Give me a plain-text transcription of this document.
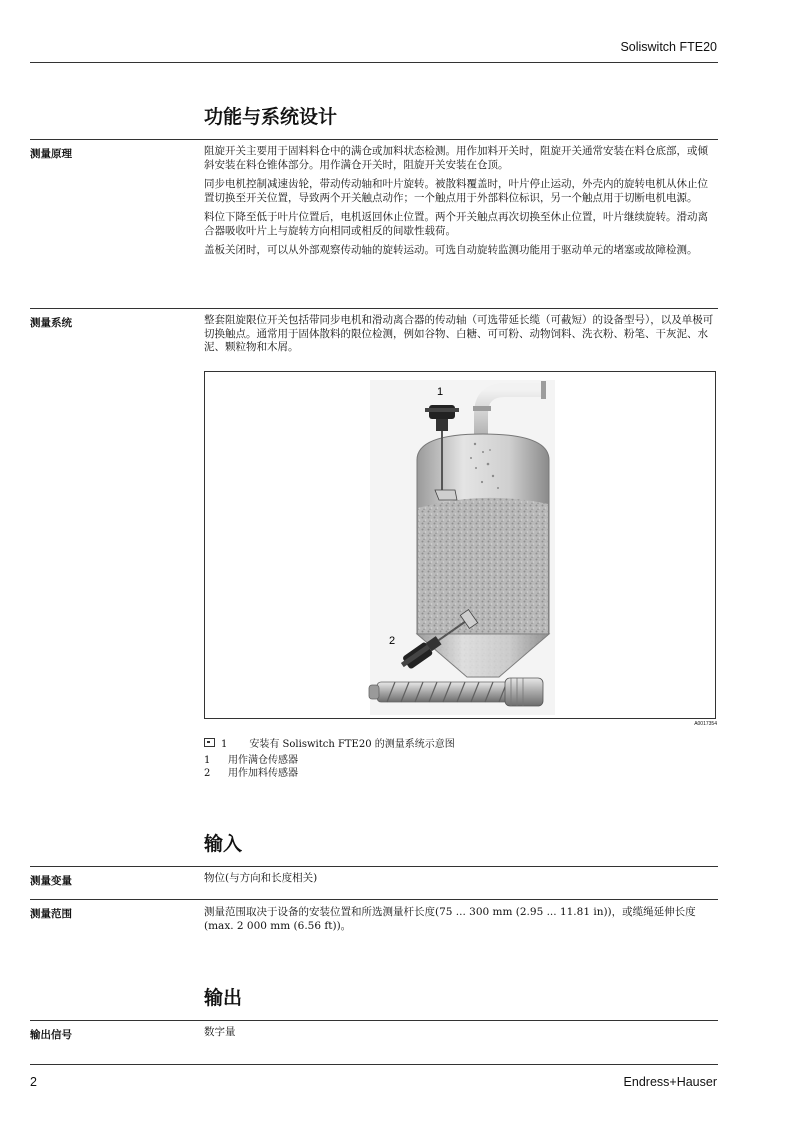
Soliswitch FTE20
功能与系统设计
测量原理	阻旋开关主要用于固料料仓中的满仓或加料状态检测。用作加料开关时，阻旋开关通常安装在料仓底部，或倾斜安装在料仓锥体部分。用作满仓开关时，阻旋开关安装在仓顶。

同步电机控制减速齿轮，带动传动轴和叶片旋转。被散料覆盖时，叶片停止运动，外壳内的旋转电机从休止位置切换至开关位置，导致两个开关触点动作；一个触点用于外部料位标识，另一个触点用于切断电机电源。

料位下降至低于叶片位置后，电机返回休止位置。两个开关触点再次切换至休止位置，叶片继续旋转。滑动离合器吸收叶片上与旋转方向相同或相反的间歇性载荷。

盖板关闭时，可以从外部观察传动轴的旋转运动。可选自动旋转监测功能用于驱动单元的堵塞或故障检测。

测量系统	整套阻旋限位开关包括带同步电机和滑动离合器的传动轴（可选带延长缆（可截短）的设备型号），以及单极可切换触点。通常用于固体散料的限位检测，例如谷物、白糖、可可粉、动物饲料、洗衣粉、粉笔、干灰泥、水泥、颗粒物和木屑。

1
2
A0017354
1 安装有 Soliswitch FTE20 的测量系统示意图
1 用作满仓传感器
2 用作加料传感器
输入
测量变量	物位(与方向和长度相关)
测量范围	测量范围取决于设备的安装位置和所选测量杆长度(75 ... 300 mm (2.95 ... 11.81 in))，或缆绳延伸长度(max. 2 000 mm (6.56 ft))。
输出
输出信号	数字量
2	Endress+Hauser
